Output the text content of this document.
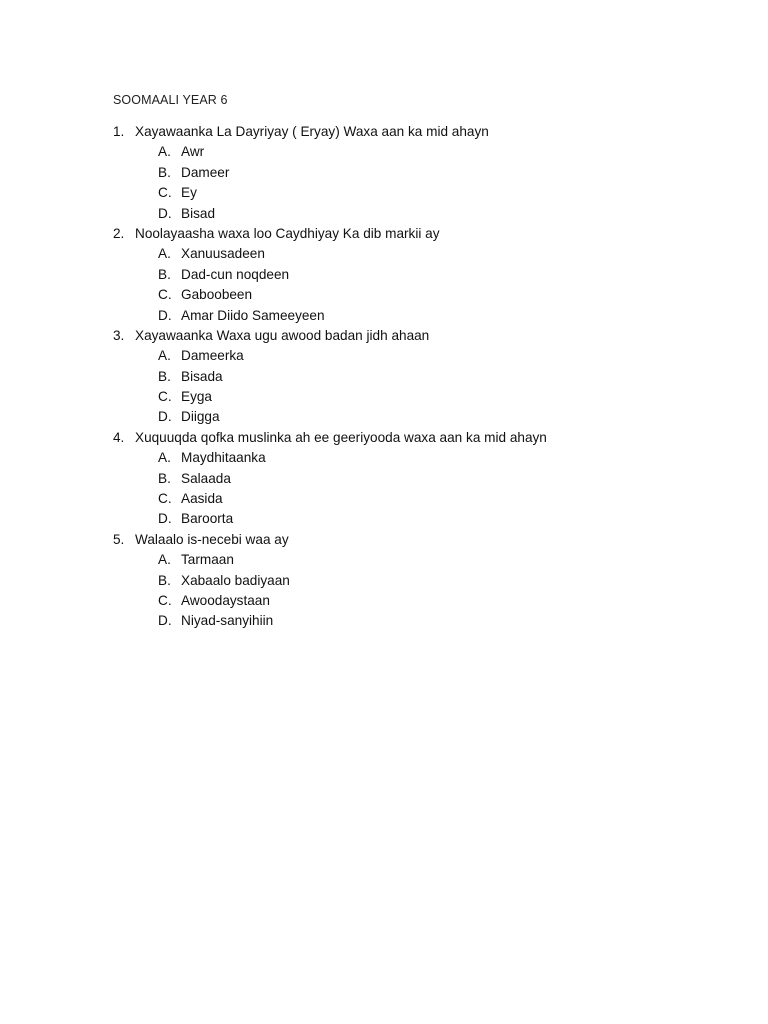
SOOMAALI YEAR 6
1. Xayawaanka La Dayriyay ( Eryay) Waxa aan ka mid ahayn
A. Awr
B. Dameer
C. Ey
D. Bisad
2. Noolayaasha waxa loo Caydhiyay Ka dib markii ay
A. Xanuusadeen
B. Dad-cun noqdeen
C. Gaboobeen
D. Amar Diido Sameeyeen
3. Xayawaanka Waxa ugu awood badan jidh ahaan
A. Dameerka
B. Bisada
C. Eyga
D. Diigga
4. Xuquuqda qofka muslinka ah ee geeriyooda waxa aan ka mid ahayn
A. Maydhitaanka
B. Salaada
C. Aasida
D. Baroorta
5. Walaalo is-necebi waa ay
A. Tarmaan
B. Xabaalo badiyaan
C. Awoodaystaan
D. Niyad-sanyihiin
